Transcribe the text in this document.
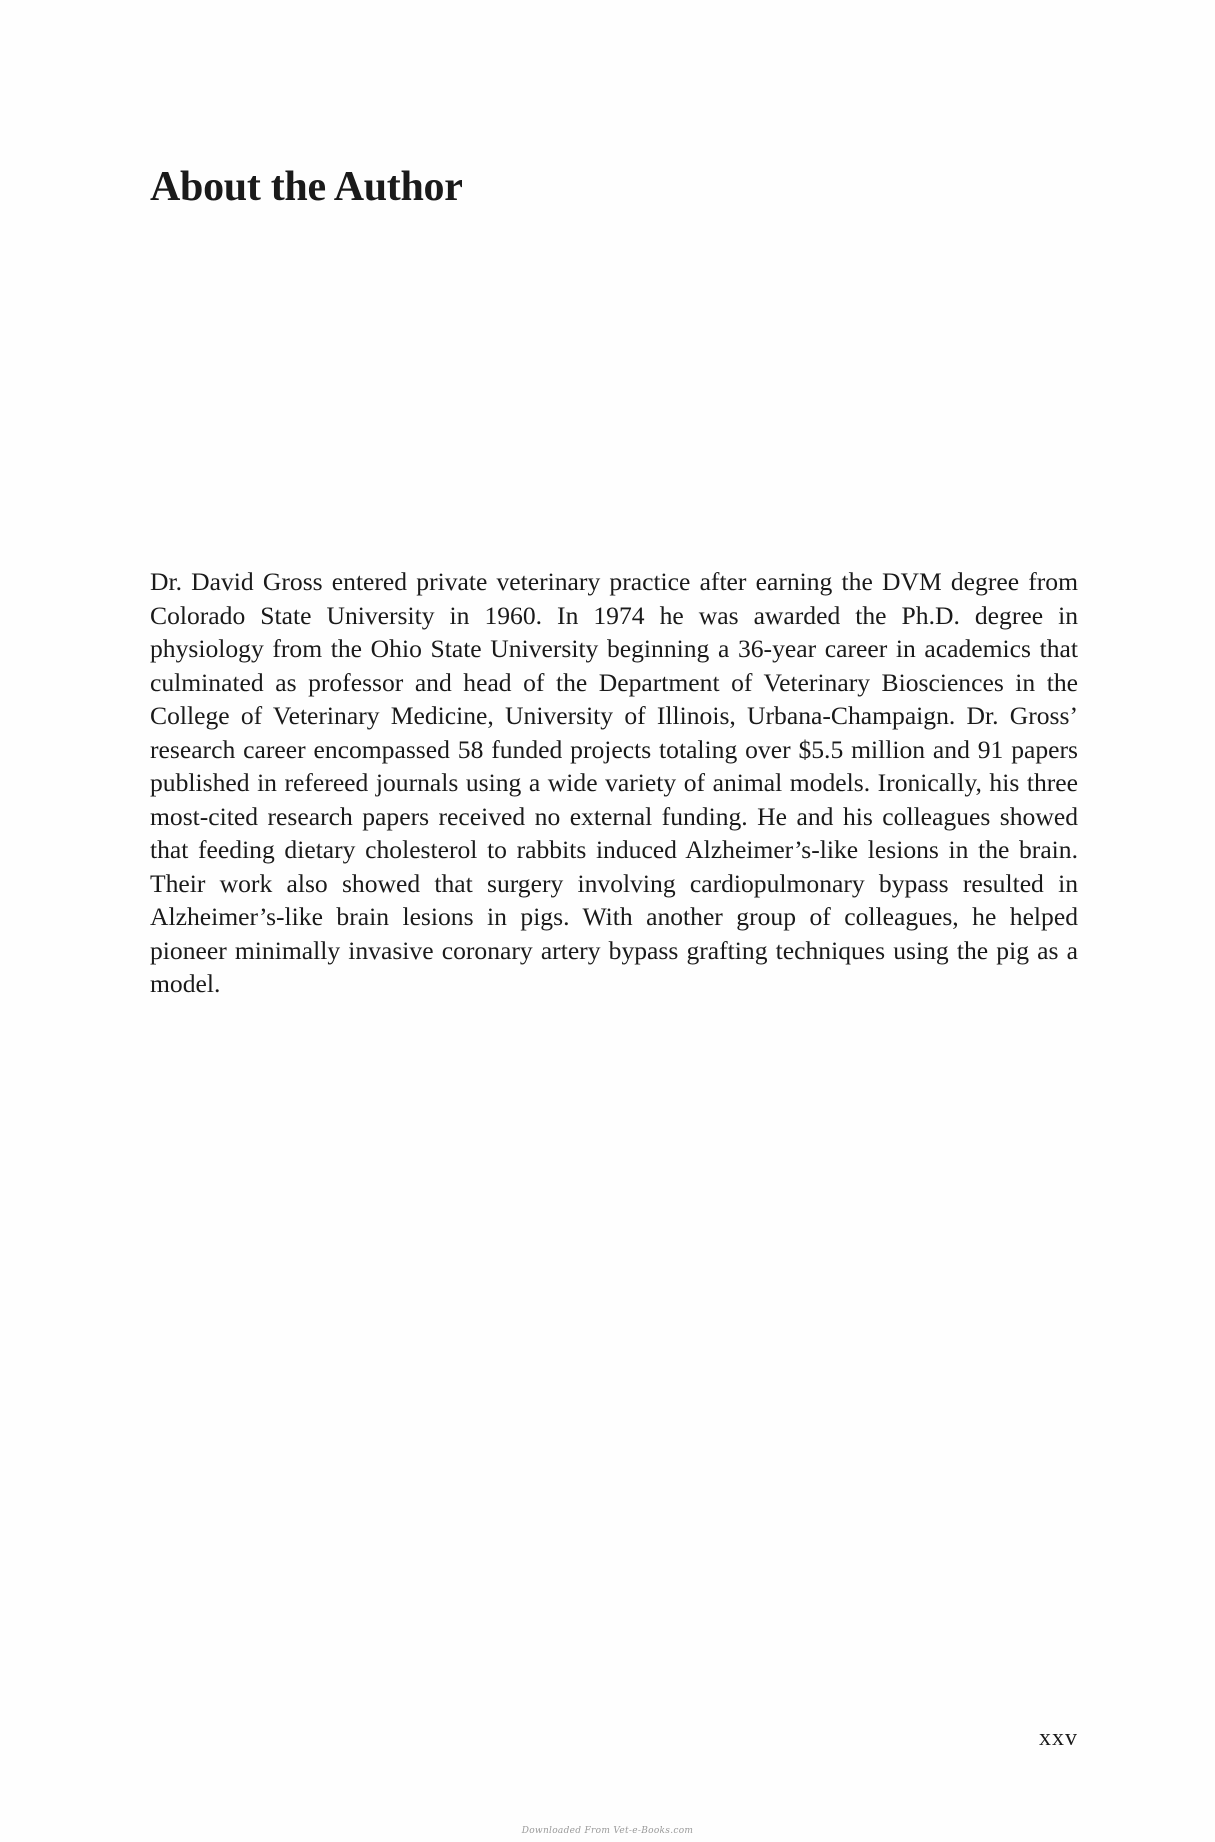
About the Author

Dr. David Gross entered private veterinary practice after earning the DVM degree from Colorado State University in 1960. In 1974 he was awarded the Ph.D. degree in physiology from the Ohio State University beginning a 36-year career in academics that culminated as professor and head of the Department of Veterinary Biosciences in the College of Veterinary Medicine, University of Illinois, Urbana-Champaign. Dr. Gross’ research career encompassed 58 funded projects totaling over $5.5 million and 91 papers published in refereed journals using a wide variety of animal models. Ironically, his three most-cited research papers received no external funding. He and his colleagues showed that feeding dietary cholesterol to rabbits induced Alzheimer’s-like lesions in the brain. Their work also showed that surgery involving cardiopulmonary bypass resulted in Alzheimer’s-like brain lesions in pigs. With another group of colleagues, he helped pioneer minimally invasive coronary artery bypass grafting techniques using the pig as a model.

xxv
Downloaded From Vet-e-Books.com
